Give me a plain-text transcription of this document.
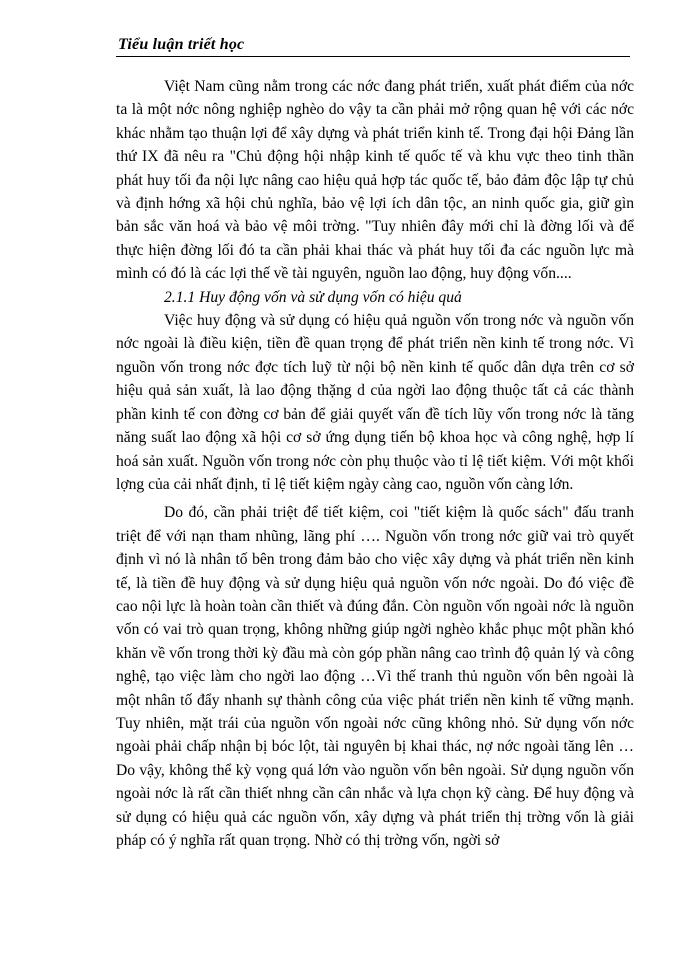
Tiểu luận triết học

Việt Nam cũng nằm trong các nớc đang phát triển, xuất phát điểm của nớc ta là một nớc nông nghiệp nghèo do vậy ta cần phải mở rộng quan hệ với các nớc khác nhằm tạo thuận lợi để xây dựng và phát triển kinh tế. Trong đại hội Đảng lần thứ IX đã nêu ra "Chủ động hội nhập kinh tế quốc tế và khu vực theo tinh thần phát huy tối đa nội lực nâng cao hiệu quả hợp tác quốc tế, bảo đảm độc lập tự chủ và định hớng xã hội chủ nghĩa, bảo vệ lợi ích dân tộc, an ninh quốc gia, giữ gìn bản sắc văn hoá và bảo vệ môi trờng. "Tuy nhiên đây mới chỉ là đờng lối và để thực hiện đờng lối đó ta cần phải khai thác và phát huy tối đa các nguồn lực mà mình có đó là các lợi thế về tài nguyên, nguồn lao động, huy động vốn....

2.1.1 Huy động vốn và sử dụng vốn có hiệu quả

Việc huy động và sử dụng có hiệu quả nguồn vốn trong nớc và nguồn vốn nớc ngoài là điều kiện, tiền đề quan trọng để phát triển nền kinh tế trong nớc. Vì nguồn vốn trong nớc đợc tích luỹ từ nội bộ nền kinh tế quốc dân dựa trên cơ sở hiệu quả sản xuất, là lao động thặng d của ngời lao động thuộc tất cả các thành phần kinh tế con đờng cơ bản để giải quyết vấn đề tích lũy vốn trong nớc là tăng năng suất lao động xã hội cơ sở ứng dụng tiến bộ khoa học và công nghệ, hợp lí hoá sản xuất. Nguồn vốn trong nớc còn phụ thuộc vào tỉ lệ tiết kiệm. Với một khối lợng của cải nhất định, tỉ lệ tiết kiệm ngày càng cao, nguồn vốn càng lớn.

Do đó, cần phải triệt để tiết kiệm, coi "tiết kiệm là quốc sách" đấu tranh triệt để với nạn tham nhũng, lãng phí …. Nguồn vốn trong nớc giữ vai trò quyết định vì nó là nhân tố bên trong đảm bảo cho việc xây dựng và phát triển nền kinh tế, là tiền đề huy động và sử dụng hiệu quả nguồn vốn nớc ngoài. Do đó việc đề cao nội lực là hoàn toàn cần thiết và đúng đắn. Còn nguồn vốn ngoài nớc là nguồn vốn có vai trò quan trọng, không những giúp ngời nghèo khắc phục một phần khó khăn về vốn trong thời kỳ đầu mà còn góp phần nâng cao trình độ quản lý và công nghệ, tạo việc làm cho ngời lao động …Vì thế tranh thủ nguồn vốn bên ngoài là một nhân tố đẩy nhanh sự thành công của việc phát triển nền kinh tế vững mạnh. Tuy nhiên, mặt trái của nguồn vốn ngoài nớc cũng không nhỏ. Sử dụng vốn nớc ngoài phải chấp nhận bị bóc lột, tài nguyên bị khai thác, nợ nớc ngoài tăng lên … Do vậy, không thể kỳ vọng quá lớn vào nguồn vốn bên ngoài. Sử dụng nguồn vốn ngoài nớc là rất cần thiết nhng cần cân nhắc và lựa chọn kỹ càng. Để huy động và sử dụng có hiệu quả các nguồn vốn, xây dựng và phát triển thị trờng vốn là giải pháp có ý nghĩa rất quan trọng. Nhờ có thị trờng vốn, ngời sở
